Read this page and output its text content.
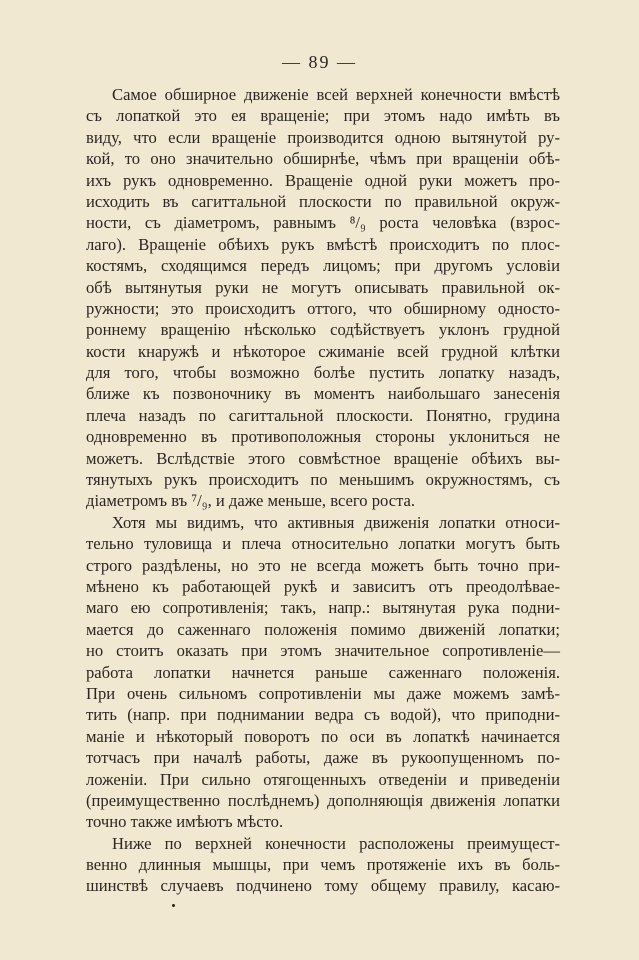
— 89 —
Самое обширное движенiе всей верхней конечности вмѣстѣ
съ лопаткой это ея вращенiе; при этомъ надо имѣть въ
виду, что если вращенiе производится одною вытянутой ру-
кой, то оно значительно обширнѣе, чѣмъ при вращенiи обѣ-
ихъ рукъ одновременно. Вращенiе одной руки можетъ про-
исходить въ сагиттальной плоскости по правильной окруж-
ности, съ дiаметромъ, равнымъ ⁸/₉ роста человѣка (взрос-
лаго). Вращенiе обѣихъ рукъ вмѣстѣ происходитъ по плос-
костямъ, сходящимся передъ лицомъ; при другомъ условiи
обѣ вытянутыя руки не могутъ описывать правильной ок-
ружности; это происходитъ оттого, что обширному односто-
роннему вращенiю нѣсколько содѣйствуетъ уклонъ грудной
кости кнаружѣ и нѣкоторое сжиманiе всей грудной клѣтки
для того, чтобы возможно болѣе пустить лопатку назадъ,
ближе къ позвоночнику въ моментъ наибольшаго занесенiя
плеча назадъ по сагиттальной плоскости. Понятно, грудина
одновременно въ противоположныя стороны уклониться не
можетъ. Вслѣдствiе этого совмѣстное вращенiе обѣихъ вы-
тянутыхъ рукъ происходитъ по меньшимъ окружностямъ, съ
дiаметромъ въ ⁷/₉, и даже меньше, всего роста.
Хотя мы видимъ, что активныя движенiя лопатки относи-
тельно туловища и плеча относительно лопатки могутъ быть
строго раздѣлены, но это не всегда можетъ быть точно при-
мѣнено къ работающей рукѣ и зависитъ отъ преодолѣвае-
маго ею сопротивленiя; такъ, напр.: вытянутая рука подни-
мается до саженнаго положенiя помимо движенiй лопатки;
но стоитъ оказать при этомъ значительное сопротивленiе—
работа лопатки начнется раньше саженнаго положенiя.
При очень сильномъ сопротивленiи мы даже можемъ замѣ-
тить (напр. при поднимании ведра съ водой), что приподни-
манiе и нѣкоторый поворотъ по оси въ лопаткѣ начинается
тотчасъ при началѣ работы, даже въ рукоопущенномъ по-
ложенiи. При сильно отягощенныхъ отведенiи и приведенiи
(преимущественно послѣднемъ) дополняющiя движенiя лопатки
точно также имѣютъ мѣсто.
Ниже по верхней конечности расположены преимущест-
венно длинныя мышцы, при чемъ протяженiе ихъ въ боль-
шинствѣ случаевъ подчинено тому общему правилу, касаю-
